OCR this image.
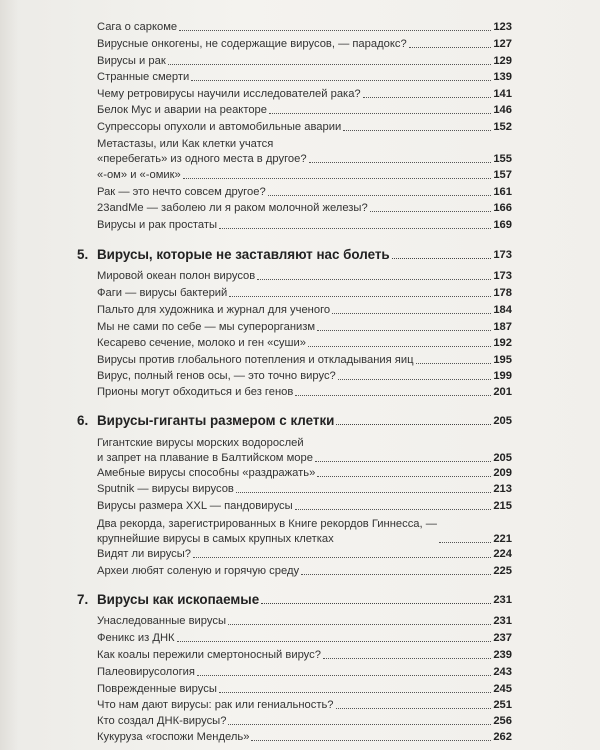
Сага о саркоме	123
Вирусные онкогены, не содержащие вирусов, — парадокс?	127
Вирусы и рак	129
Странные смерти	139
Чему ретровирусы научили исследователей рака?	141
Белок Myc и аварии на реакторе	146
Супрессоры опухоли и автомобильные аварии	152
Метастазы, или Как клетки учатся
«перебегать» из одного места в другое?	155
«-ом» и «-омик»	157
Рак — это нечто совсем другое?	161
23andMe — заболею ли я раком молочной железы?	166
Вирусы и рак простаты	169
5. Вирусы, которые не заставляют нас болеть	173
Мировой океан полон вирусов	173
Фаги — вирусы бактерий	178
Пальто для художника и журнал для ученого	184
Мы не сами по себе — мы суперорганизм	187
Кесарево сечение, молоко и ген «суши»	192
Вирусы против глобального потепления и откладывания яиц	195
Вирус, полный генов осы, — это точно вирус?	199
Прионы могут обходиться и без генов	201
6. Вирусы-гиганты размером с клетки	205
Гигантские вирусы морских водорослей
и запрет на плавание в Балтийском море	205
Амебные вирусы способны «раздражать»	209
Sputnik — вирусы вирусов	213
Вирусы размера XXL — пандовирусы	215
Два рекорда, зарегистрированных в Книге рекордов Гиннесса, —
крупнейшие вирусы в самых крупных клетках	221
Видят ли вирусы?	224
Археи любят соленую и горячую среду	225
7. Вирусы как ископаемые	231
Унаследованные вирусы	231
Феникс из ДНК	237
Как коалы пережили смертоносный вирус?	239
Палеовирусология	243
Поврежденные вирусы	245
Что нам дают вирусы: рак или гениальность?	251
Кто создал ДНК-вирусы?	256
Кукуруза «госпожи Мендель»	262
